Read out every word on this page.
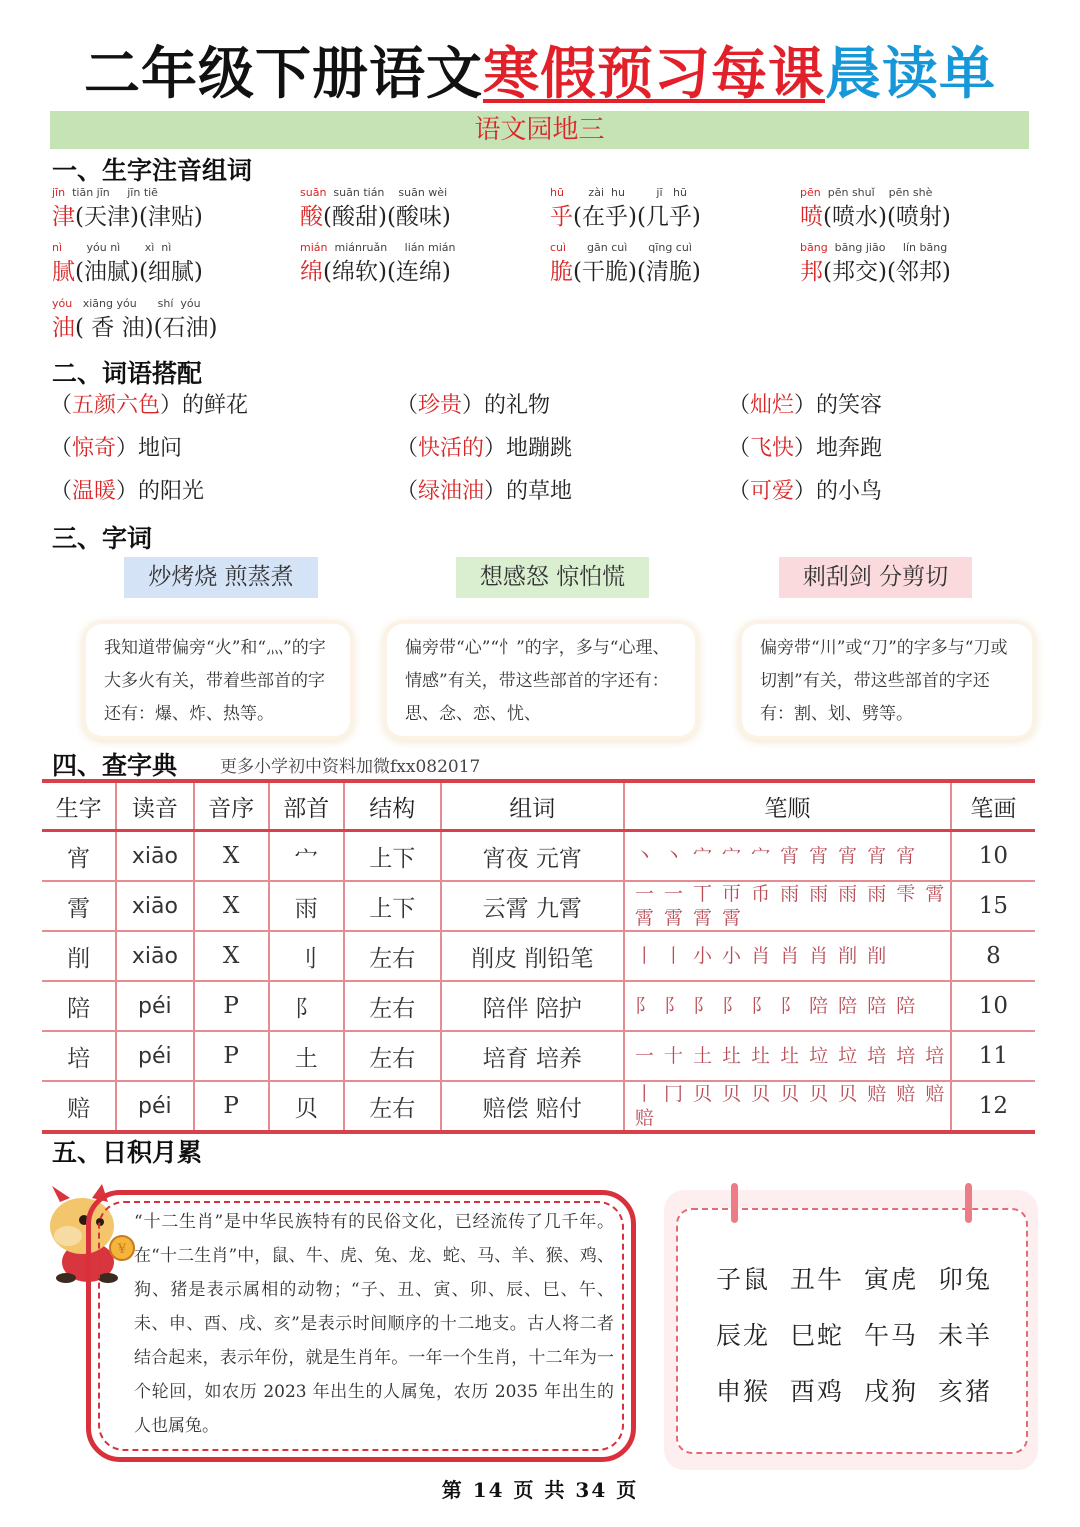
二年级下册语文寒假预习每课晨读单
语文园地三
一、生字注音组词
jīn  tiān jīn     jīn tiē
津(天津)(津贴)
suān  suān tián    suān wèi
酸(酸甜)(酸味)
hū       zài  hu         jī   hū
乎(在乎)(几乎)
pēn  pēn shuǐ    pēn shè
喷(喷水)(喷射)
nì       yóu nì       xì  nì
腻(油腻)(细腻)
mián  miánruǎn     lián mián
绵(绵软)(连绵)
cuì      gān cuì      qīng cuì
脆(干脆)(清脆)
bāng  bāng jiāo     lín bāng
邦(邦交)(邻邦)
yóu   xiāng yóu      shí  yóu
油( 香 油)(石油)
二、词语搭配
（五颜六色）的鲜花	（珍贵）的礼物	（灿烂）的笑容
（惊奇）地问	（快活的）地蹦跳	（飞快）地奔跑
（温暖）的阳光	（绿油油）的草地	（可爱）的小鸟
三、字词
炒烤烧 煎蒸煮	想感怒 惊怕慌	刺刮剑 分剪切
我知道带偏旁“火”和“灬”的字大多火有关，带着些部首的字还有：爆、炸、热等。
偏旁带“心”“忄”的字，多与“心理、情感”有关，带这些部首的字还有：思、念、恋、忧、
偏旁带“川”或“刀”的字多与“刀或切割”有关，带这些部首的字还有：割、划、劈等。
四、查字典	更多小学初中资料加微fxx082017
生字	读音	音序	部首	结构	组词	笔顺	笔画
宵	xiāo	X	宀	上下	宵夜 元宵	丶 丶 宀 宀 宀 宵 宵 宵 宵 宵	10
霄	xiāo	X	雨	上下	云霄 九霄	一 一 丅 帀 币 雨 雨 雨 雨 雫 霄 霄 霄 霄 霄	15
削	xiāo	X	刂	左右	削皮 削铅笔	丨 丨 小 小 肖 肖 肖 削 削	8
陪	péi	P	阝	左右	陪伴 陪护	阝 阝 阝 阝 阝 阝 陪 陪 陪 陪	10
培	péi	P	土	左右	培育 培养	一 十 土 圵 圵 圵 垃 垃 培 培 培	11
赔	péi	P	贝	左右	赔偿 赔付	丨 冂 贝 贝 贝 贝 贝 贝 赔 赔 赔 赔	12
五、日积月累
¥
“十二生肖”是中华民族特有的民俗文化，已经流传了几千年。在“十二生肖”中，鼠、牛、虎、兔、龙、蛇、马、羊、猴、鸡、狗、猪是表示属相的动物；“子、丑、寅、卯、辰、巳、午、未、申、酉、戌、亥”是表示时间顺序的十二地支。古人将二者结合起来，表示年份，就是生肖年。一年一个生肖，十二年为一个轮回，如农历 2023 年出生的人属兔，农历 2035 年出生的人也属兔。
子鼠 丑牛 寅虎 卯兔
辰龙 巳蛇 午马 未羊
申猴 酉鸡 戌狗 亥猪
第 14 页 共 34 页
